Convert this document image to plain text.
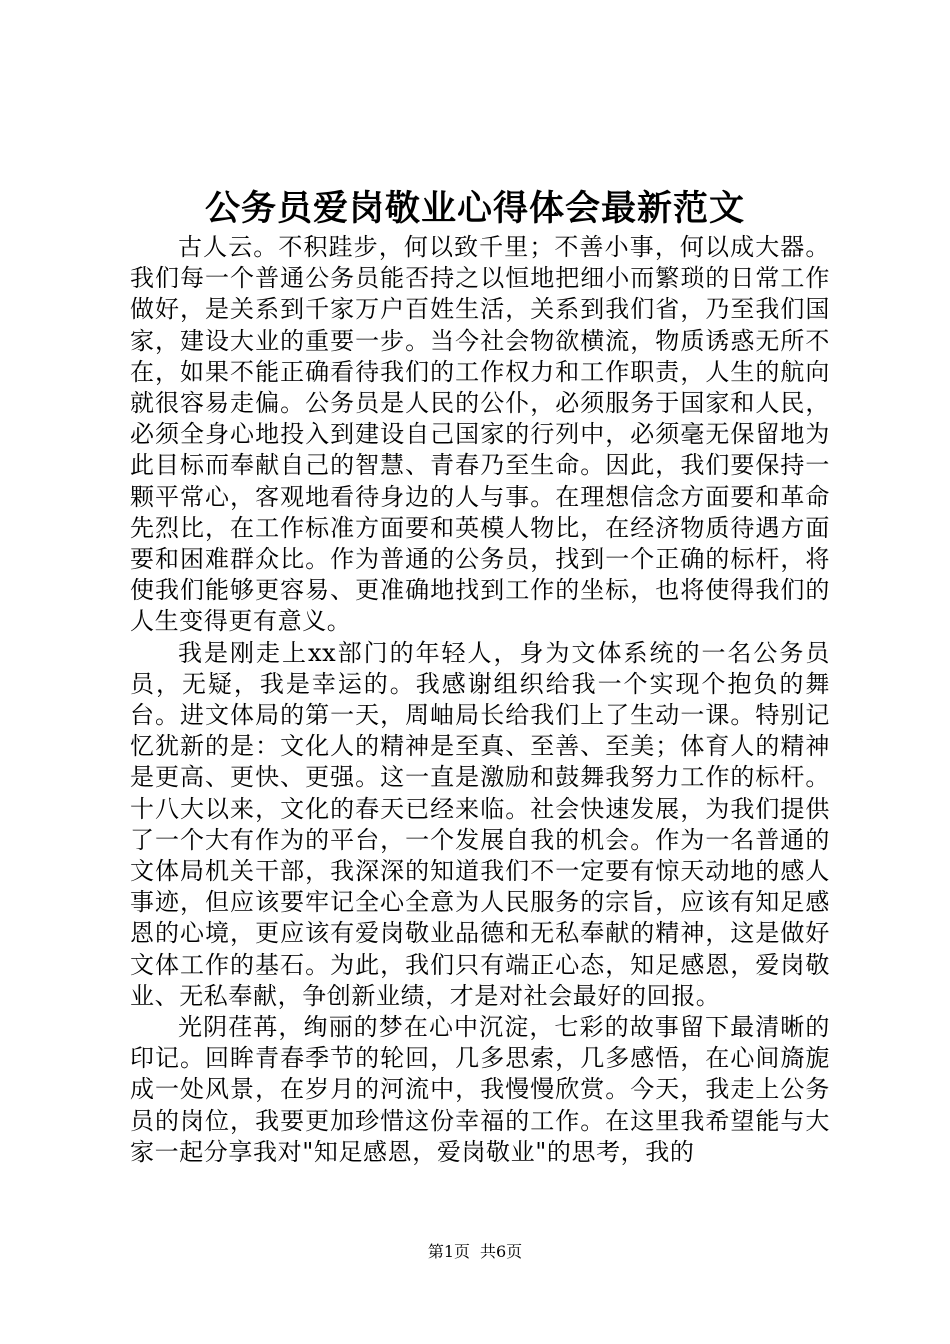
公务员爱岗敬业心得体会最新范文

古人云。不积跬步，何以致千里；不善小事，何以成大器。我们每一个普通公务员能否持之以恒地把细小而繁琐的日常工作做好，是关系到千家万户百姓生活，关系到我们省，乃至我们国家，建设大业的重要一步。当今社会物欲横流，物质诱惑无所不在，如果不能正确看待我们的工作权力和工作职责，人生的航向就很容易走偏。公务员是人民的公仆，必须服务于国家和人民，必须全身心地投入到建设自己国家的行列中，必须毫无保留地为此目标而奉献自己的智慧、青春乃至生命。因此，我们要保持一颗平常心，客观地看待身边的人与事。在理想信念方面要和革命先烈比，在工作标准方面要和英模人物比，在经济物质待遇方面要和困难群众比。作为普通的公务员，找到一个正确的标杆，将使我们能够更容易、更准确地找到工作的坐标，也将使得我们的人生变得更有意义。

我是刚走上xx部门的年轻人，身为文体系统的一名公务员员，无疑，我是幸运的。我感谢组织给我一个实现个抱负的舞台。进文体局的第一天，周岫局长给我们上了生动一课。特别记忆犹新的是：文化人的精神是至真、至善、至美；体育人的精神是更高、更快、更强。这一直是激励和鼓舞我努力工作的标杆。十八大以来，文化的春天已经来临。社会快速发展，为我们提供了一个大有作为的平台，一个发展自我的机会。作为一名普通的文体局机关干部，我深深的知道我们不一定要有惊天动地的感人事迹，但应该要牢记全心全意为人民服务的宗旨，应该有知足感恩的心境，更应该有爱岗敬业品德和无私奉献的精神，这是做好文体工作的基石。为此，我们只有端正心态，知足感恩，爱岗敬业、无私奉献，争创新业绩，才是对社会最好的回报。

光阴荏苒，绚丽的梦在心中沉淀，七彩的故事留下最清晰的印记。回眸青春季节的轮回，几多思索，几多感悟，在心间旖旎成一处风景，在岁月的河流中，我慢慢欣赏。今天，我走上公务员的岗位，我要更加珍惜这份幸福的工作。在这里我希望能与大家一起分享我对"知足感恩，爱岗敬业"的思考，我的

第1页 共6页
